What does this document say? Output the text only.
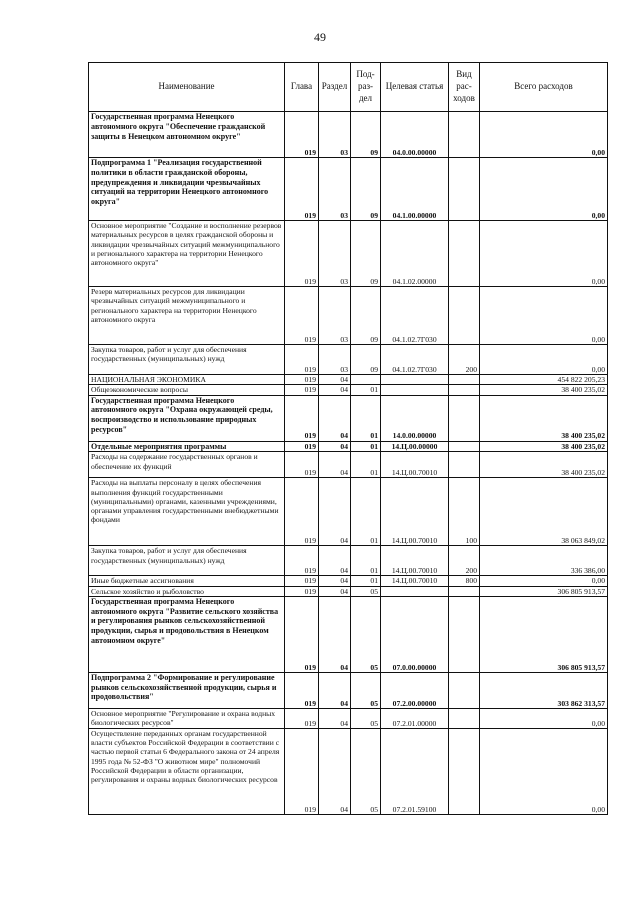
49
Наименование	Глава	Раздел	Под-раз-дел	Целевая статья	Вид рас-ходов	Всего расходов
Государственная программа Ненецкого автономного округа "Обеспечение гражданской защиты в Ненецком автономном округе"	019	03	09	04.0.00.00000		0,00
Подпрограмма 1 "Реализация государственной политики в области гражданской обороны, предупреждения и ликвидации чрезвычайных ситуаций на территории Ненецкого автономного округа"	019	03	09	04.1.00.00000		0,00
Основное мероприятие "Создание и восполнение резервов материальных ресурсов в целях гражданской обороны и ликвидации чрезвычайных ситуаций межмуниципального и регионального характера на территории Ненецкого автономного округа"	019	03	09	04.1.02.00000		0,00
Резерв материальных ресурсов для ликвидации чрезвычайных ситуаций межмуниципального и регионального характера на территории Ненецкого автономного округа	019	03	09	04.1.02.7Г030		0,00
Закупка товаров, работ и услуг для обеспечения государственных (муниципальных) нужд	019	03	09	04.1.02.7Г030	200	0,00
НАЦИОНАЛЬНАЯ ЭКОНОМИКА	019	04				454 822 205,23
Общеэкономические вопросы	019	04	01			38 400 235,02
Государственная программа Ненецкого автономного округа "Охрана окружающей среды, воспроизводство и использование природных ресурсов"	019	04	01	14.0.00.00000		38 400 235,02
Отдельные мероприятия программы	019	04	01	14.Ц.00.00000		38 400 235,02
Расходы на содержание государственных органов и обеспечение их функций	019	04	01	14.Ц.00.70010		38 400 235,02
Расходы на выплаты персоналу в целях обеспечения выполнения функций государственными (муниципальными) органами, казенными учреждениями, органами управления государственными внебюджетными фондами	019	04	01	14.Ц.00.70010	100	38 063 849,02
Закупка товаров, работ и услуг для обеспечения государственных (муниципальных) нужд	019	04	01	14.Ц.00.70010	200	336 386,00
Иные бюджетные ассигнования	019	04	01	14.Ц.00.70010	800	0,00
Сельское хозяйство и рыболовство	019	04	05			306 805 913,57
Государственная программа Ненецкого автономного округа "Развитие сельского хозяйства и регулирования рынков сельскохозяйственной продукции, сырья и продовольствия в Ненецком автономном округе"	019	04	05	07.0.00.00000		306 805 913,57
Подпрограмма 2 "Формирование и регулирование рынков сельскохозяйственной продукции, сырья и продовольствия"	019	04	05	07.2.00.00000		303 862 313,57
Основное мероприятие "Регулирование и охрана водных биологических ресурсов"	019	04	05	07.2.01.00000		0,00
Осуществление переданных органам государственной власти субъектов Российской Федерации в соответствии с частью первой статьи 6 Федерального закона от 24 апреля 1995 года № 52-ФЗ "О животном мире" полномочий Российской Федерации в области организации, регулирования и охраны водных биологических ресурсов	019	04	05	07.2.01.59100		0,00
